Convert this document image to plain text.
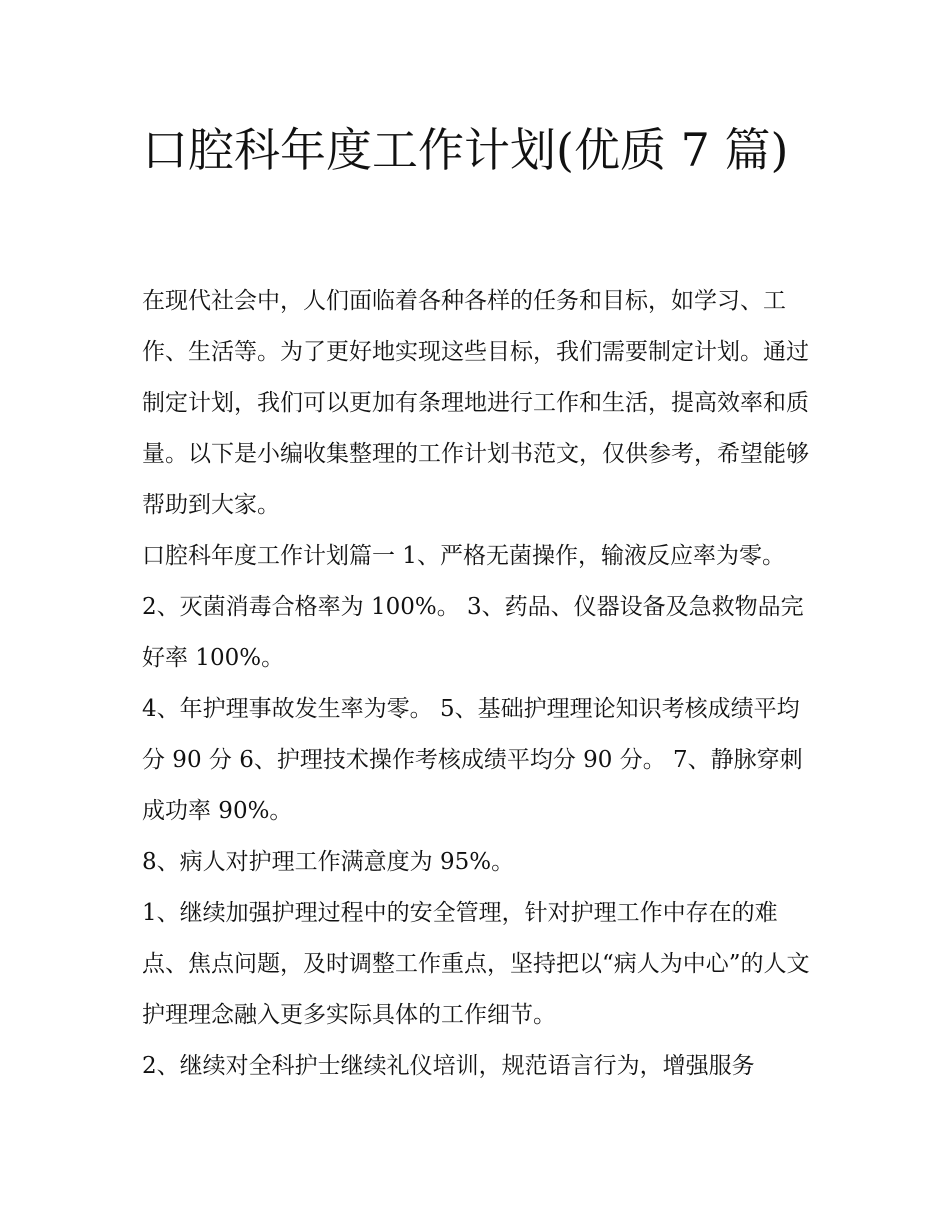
口腔科年度工作计划(优质 7 篇)

在现代社会中，人们面临着各种各样的任务和目标，如学习、工作、生活等。为了更好地实现这些目标，我们需要制定计划。通过制定计划，我们可以更加有条理地进行工作和生活，提高效率和质量。以下是小编收集整理的工作计划书范文，仅供参考，希望能够帮助到大家。

口腔科年度工作计划篇一 1、严格无菌操作，输液反应率为零。 2、灭菌消毒合格率为 100%。 3、药品、仪器设备及急救物品完好率 100%。

4、年护理事故发生率为零。 5、基础护理理论知识考核成绩平均分 90 分 6、护理技术操作考核成绩平均分 90 分。 7、静脉穿刺成功率 90%。

8、病人对护理工作满意度为 95%。

1、继续加强护理过程中的安全管理，针对护理工作中存在的难点、焦点问题，及时调整工作重点，坚持把以“病人为中心”的人文护理理念融入更多实际具体的工作细节。

2、继续对全科护士继续礼仪培训，规范语言行为，增强服务
